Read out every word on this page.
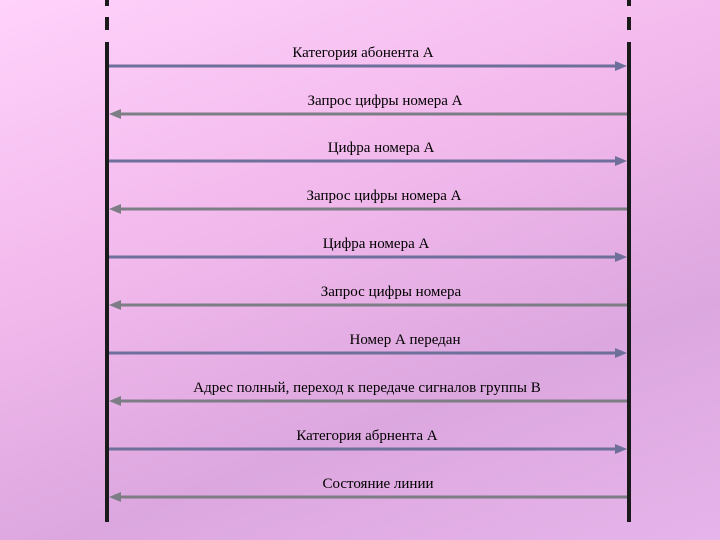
Категория абонента А
Запрос цифры номера А
Цифра номера А
Запрос цифры номера А
Цифра номера А
Запрос цифры номера
Номер А передан
Адрес полный, переход к передаче сигналов группы В
Категория абрнента А
Состояние линии
